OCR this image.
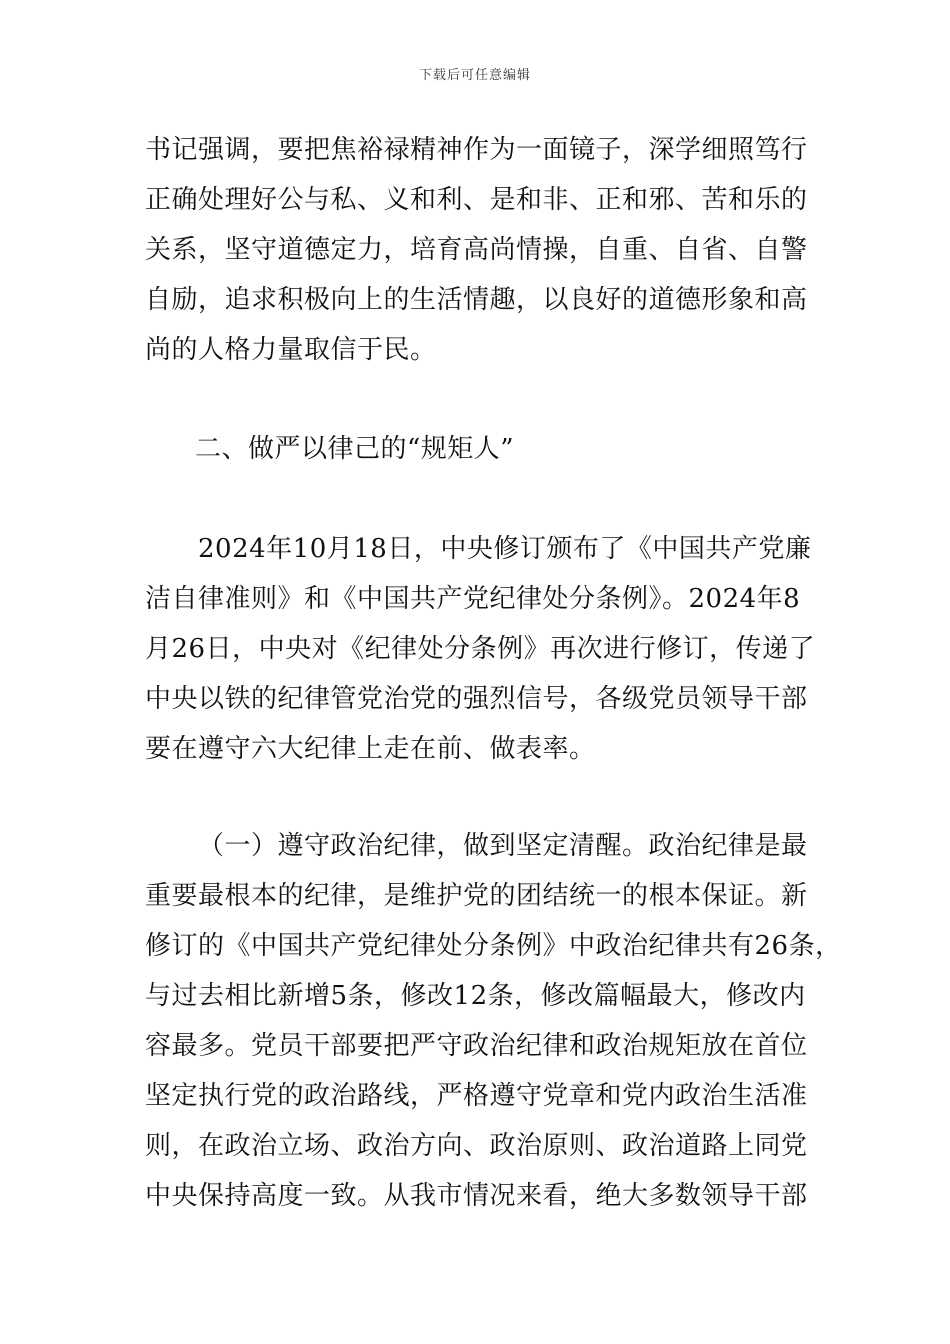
下载后可任意编辑
书记强调，要把焦裕禄精神作为一面镜子，深学细照笃行
正确处理好公与私、义和利、是和非、正和邪、苦和乐的
关系，坚守道德定力，培育高尚情操，自重、自省、自警
自励，追求积极向上的生活情趣，以良好的道德形象和高
尚的人格力量取信于民。
二、做严以律己的“规矩人”
2024年10月18日，中央修订颁布了《中国共产党廉
洁自律准则》和《中国共产党纪律处分条例》。2024年8
月26日，中央对《纪律处分条例》再次进行修订，传递了
中央以铁的纪律管党治党的强烈信号，各级党员领导干部
要在遵守六大纪律上走在前、做表率。
（一）遵守政治纪律，做到坚定清醒。政治纪律是最
重要最根本的纪律，是维护党的团结统一的根本保证。新
修订的《中国共产党纪律处分条例》中政治纪律共有26条，
与过去相比新增5条，修改12条，修改篇幅最大，修改内
容最多。党员干部要把严守政治纪律和政治规矩放在首位
坚定执行党的政治路线，严格遵守党章和党内政治生活准
则，在政治立场、政治方向、政治原则、政治道路上同党
中央保持高度一致。从我市情况来看，绝大多数领导干部
